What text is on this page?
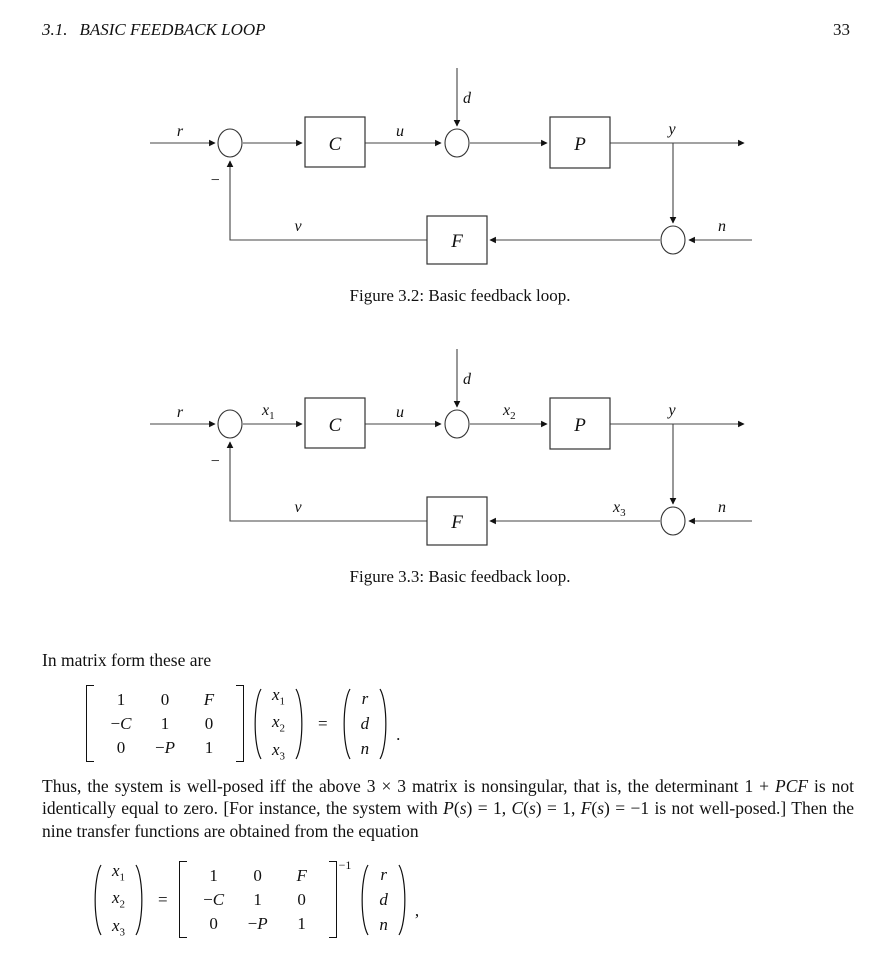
3.1. BASIC FEEDBACK LOOP	33
C	P
F
r	u
d
y
v	n
−
Figure 3.2: Basic feedback loop.
C	P
F
r	u
d
y
v	n
−
$x_1$	$x_2$
$x_3$
Figure 3.3: Basic feedback loop.
In matrix form these are
1 0 F
−C 1 0
0 −P 1
$x_1$
$x_2$
$x_3$
=
r
d
n
.
Thus, the system is well-posed iff the above 3 × 3 matrix is nonsingular, that is, the determinant 1 + PCF is not identically equal to zero. [For instance, the system with P(s) = 1, C(s) = 1, F(s) = −1 is not well-posed.] Then the nine transfer functions are obtained from the equation
$x_1$
$x_2$
$x_3$
=
1 0 F
−C 1 0
0 −P 1
−1 r
d
n
,
